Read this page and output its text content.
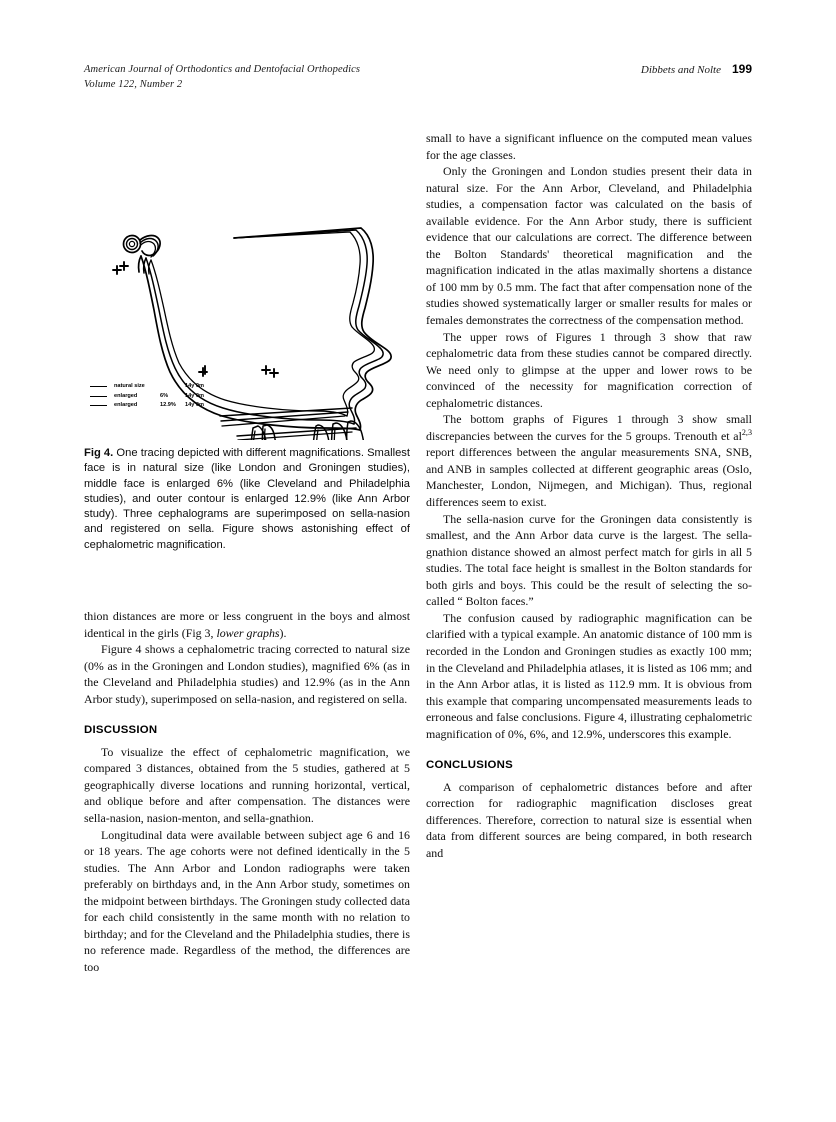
American Journal of Orthodontics and Dentofacial Orthopedics
Volume 122, Number 2
Dibbets and Nolte 199
natural size	14y 0m
enlarged	6%	14y 0m
enlarged	12.9%	14y 0m
Fig 4. One tracing depicted with different magnifications. Smallest face is in natural size (like London and Groningen studies), middle face is enlarged 6% (like Cleveland and Philadelphia studies), and outer contour is enlarged 12.9% (like Ann Arbor study). Three cephalograms are superimposed on sella-nasion and registered on sella. Figure shows astonishing effect of cephalometric magnification.

thion distances are more or less congruent in the boys and almost identical in the girls (Fig 3, lower graphs).

Figure 4 shows a cephalometric tracing corrected to natural size (0% as in the Groningen and London studies), magnified 6% (as in the Cleveland and Philadelphia studies) and 12.9% (as in the Ann Arbor study), superimposed on sella-nasion, and registered on sella.

DISCUSSION

To visualize the effect of cephalometric magnification, we compared 3 distances, obtained from the 5 studies, gathered at 5 geographically diverse locations and running horizontal, vertical, and oblique before and after compensation. The distances were sella-nasion, nasion-menton, and sella-gnathion.

Longitudinal data were available between subject age 6 and 16 or 18 years. The age cohorts were not defined identically in the 5 studies. The Ann Arbor and London radiographs were taken preferably on birthdays and, in the Ann Arbor study, sometimes on the midpoint between birthdays. The Groningen study collected data for each child consistently in the same month with no relation to birthday; and for the Cleveland and the Philadelphia studies, there is no reference made. Regardless of the method, the differences are too

small to have a significant influence on the computed mean values for the age classes.

Only the Groningen and London studies present their data in natural size. For the Ann Arbor, Cleveland, and Philadelphia studies, a compensation factor was calculated on the basis of available evidence. For the Ann Arbor study, there is sufficient evidence that our calculations are correct. The difference between the Bolton Standards' theoretical magnification and the magnification indicated in the atlas maximally shortens a distance of 100 mm by 0.5 mm. The fact that after compensation none of the studies showed systematically larger or smaller results for males or females demonstrates the correctness of the compensation method.

The upper rows of Figures 1 through 3 show that raw cephalometric data from these studies cannot be compared directly. We need only to glimpse at the upper and lower rows to be convinced of the necessity for magnification correction of cephalometric distances.

The bottom graphs of Figures 1 through 3 show small discrepancies between the curves for the 5 groups. Trenouth et al$^{2,3}$ report differences between the angular measurements SNA, SNB, and ANB in samples collected at different geographic areas (Oslo, Manchester, London, Nijmegen, and Michigan). Thus, regional differences seem to exist.

The sella-nasion curve for the Groningen data consistently is smallest, and the Ann Arbor data curve is the largest. The sella-gnathion distance showed an almost perfect match for girls in all 5 studies. The total face height is smallest in the Bolton standards for both girls and boys. This could be the result of selecting the so-called “ Bolton faces.”

The confusion caused by radiographic magnification can be clarified with a typical example. An anatomic distance of 100 mm is recorded in the London and Groningen studies as exactly 100 mm; in the Cleveland and Philadelphia atlases, it is listed as 106 mm; and in the Ann Arbor atlas, it is listed as 112.9 mm. It is obvious from this example that comparing uncompensated measurements leads to erroneous and false conclusions. Figure 4, illustrating cephalometric magnification of 0%, 6%, and 12.9%, underscores this example.

CONCLUSIONS

A comparison of cephalometric distances before and after correction for radiographic magnification discloses great differences. Therefore, correction to natural size is essential when data from different sources are being compared, in both research and
